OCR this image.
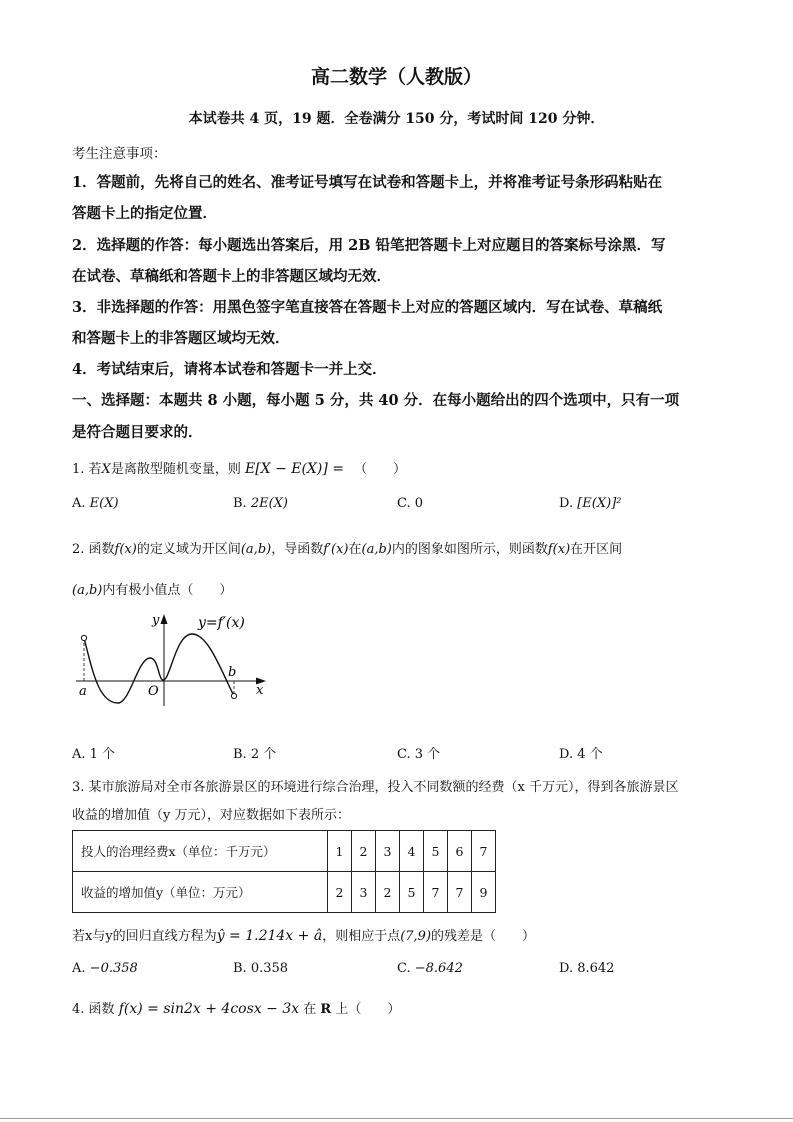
高二数学（人教版）
本试卷共 4 页，19 题．全卷满分 150 分，考试时间 120 分钟．
考生注意事项：
1．答题前，先将自己的姓名、准考证号填写在试卷和答题卡上，并将准考证号条形码粘贴在
答题卡上的指定位置．
2．选择题的作答：每小题选出答案后，用 2B 铅笔把答题卡上对应题目的答案标号涂黑．写
在试卷、草稿纸和答题卡上的非答题区域均无效．
3．非选择题的作答：用黑色签字笔直接答在答题卡上对应的答题区域内．写在试卷、草稿纸
和答题卡上的非答题区域均无效．
4．考试结束后，请将本试卷和答题卡一并上交．
一、选择题：本题共 8 小题，每小题 5 分，共 40 分．在每小题给出的四个选项中，只有一项
是符合题目要求的．
1. 若X是离散型随机变量，则 E[X − E(X)] = （　　）
A. E(X)	B. 2E(X)	C. 0	D. [E(X)]²
2. 函数f(x)的定义域为开区间(a,b)，导函数f′(x)在(a,b)内的图象如图所示，则函数f(x)在开区间
(a,b)内有极小值点（　　）
y=f′(x)
y
x
a
b
O
A. 1 个	B. 2 个	C. 3 个	D. 4 个
3. 某市旅游局对全市各旅游景区的环境进行综合治理，投入不同数额的经费（x 千万元），得到各旅游景区
收益的增加值（y 万元），对应数据如下表所示：
投人的治理经费x（单位：千万元）	1	2	3	4	5	6	7
收益的增加值y（单位：万元）	2	3	2	5	7	7	9
若x与y的回归直线方程为ŷ = 1.214x + â，则相应于点(7,9)的残差是（　　）
A. −0.358	B. 0.358	C. −8.642	D. 8.642
4. 函数 f(x) = sin2x + 4cosx − 3x 在 R 上（　　）
